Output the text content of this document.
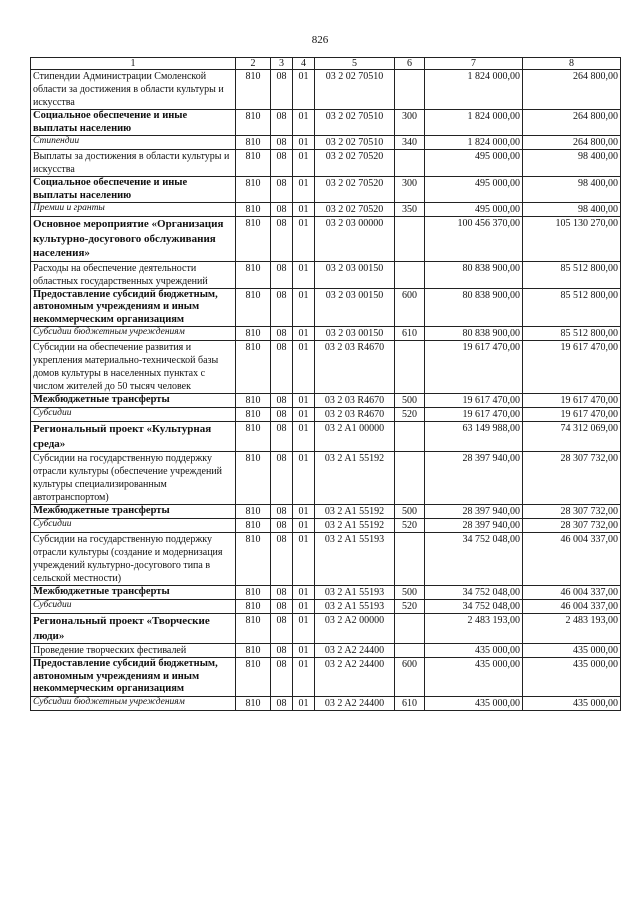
826
1	2	3	4	5	6	7	8
Стипендии Администрации Смоленской области за достижения в области культуры и искусства	810	08	01	03 2 02 70510		1 824 000,00	264 800,00
Социальное обеспечение и иные выплаты населению	810	08	01	03 2 02 70510	300	1 824 000,00	264 800,00
Стипендии	810	08	01	03 2 02 70510	340	1 824 000,00	264 800,00
Выплаты за достижения в области культуры и искусства	810	08	01	03 2 02 70520		495 000,00	98 400,00
Социальное обеспечение и иные выплаты населению	810	08	01	03 2 02 70520	300	495 000,00	98 400,00
Премии и гранты	810	08	01	03 2 02 70520	350	495 000,00	98 400,00
Основное мероприятие «Организация культурно-досугового обслуживания населения»	810	08	01	03 2 03 00000		100 456 370,00	105 130 270,00
Расходы на обеспечение деятельности областных государственных учреждений	810	08	01	03 2 03 00150		80 838 900,00	85 512 800,00
Предоставление субсидий бюджетным, автономным учреждениям и иным некоммерческим организациям	810	08	01	03 2 03 00150	600	80 838 900,00	85 512 800,00
Субсидии бюджетным учреждениям	810	08	01	03 2 03 00150	610	80 838 900,00	85 512 800,00
Субсидии на обеспечение развития и укрепления материально-технической базы домов культуры в населенных пунктах с числом жителей до 50 тысяч человек	810	08	01	03 2 03 R4670		19 617 470,00	19 617 470,00
Межбюджетные трансферты	810	08	01	03 2 03 R4670	500	19 617 470,00	19 617 470,00
Субсидии	810	08	01	03 2 03 R4670	520	19 617 470,00	19 617 470,00
Региональный проект «Культурная среда»	810	08	01	03 2 A1 00000		63 149 988,00	74 312 069,00
Субсидии на государственную поддержку отрасли культуры (обеспечение учреждений культуры специализированным автотранспортом)	810	08	01	03 2 A1 55192		28 397 940,00	28 307 732,00
Межбюджетные трансферты	810	08	01	03 2 A1 55192	500	28 397 940,00	28 307 732,00
Субсидии	810	08	01	03 2 A1 55192	520	28 397 940,00	28 307 732,00
Субсидии на государственную поддержку отрасли культуры (создание и модернизация учреждений культурно-досугового типа в сельской местности)	810	08	01	03 2 A1 55193		34 752 048,00	46 004 337,00
Межбюджетные трансферты	810	08	01	03 2 A1 55193	500	34 752 048,00	46 004 337,00
Субсидии	810	08	01	03 2 A1 55193	520	34 752 048,00	46 004 337,00
Региональный проект «Творческие люди»	810	08	01	03 2 A2 00000		2 483 193,00	2 483 193,00
Проведение творческих фестивалей	810	08	01	03 2 A2 24400		435 000,00	435 000,00
Предоставление субсидий бюджетным, автономным учреждениям и иным некоммерческим организациям	810	08	01	03 2 A2 24400	600	435 000,00	435 000,00
Субсидии бюджетным учреждениям	810	08	01	03 2 A2 24400	610	435 000,00	435 000,00
